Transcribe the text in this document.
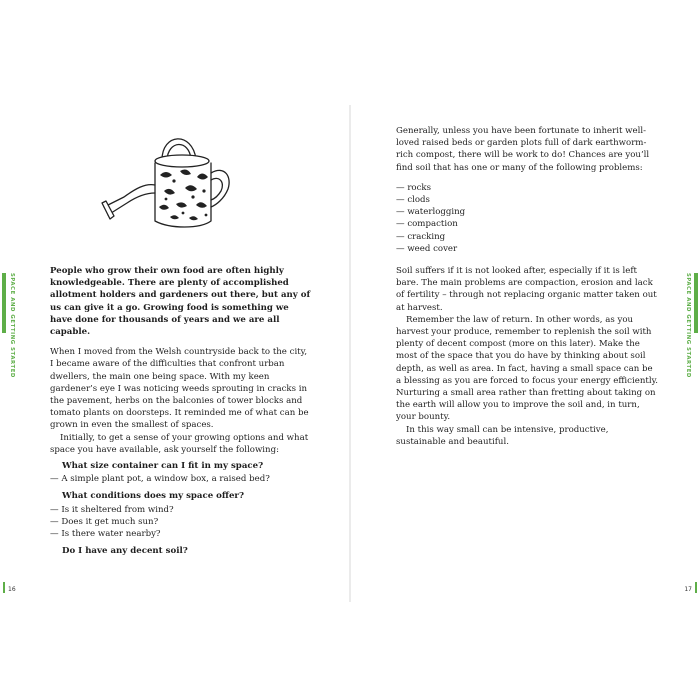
People who grow their own food are often highly knowledgeable. There are plenty of accomplished allotment holders and gardeners out there, but any of us can give it a go. Growing food is something we have done for thousands of years and we are all capable.

When I moved from the Welsh countryside back to the city, I became aware of the difficulties that confront urban dwellers, the main one being space. With my keen gardener’s eye I was noticing weeds sprouting in cracks in the pavement, herbs on the balconies of tower blocks and tomato plants on doorsteps. It reminded me of what can be grown in even the smallest of spaces.

Initially, to get a sense of your growing options and what space you have available, ask yourself the following:

What size container can I fit in my space?
— A simple plant pot, a window box, a raised bed?
What conditions does my space offer?
— Is it sheltered from wind?
— Does it get much sun?
— Is there water nearby?
Do I have any decent soil?

Generally, unless you have been fortunate to inherit well-loved raised beds or garden plots full of dark earthworm-rich compost, there will be work to do! Chances are you’ll find soil that has one or many of the following problems:

— rocks
— clods
— waterlogging
— compaction
— cracking
— weed cover

Soil suffers if it is not looked after, especially if it is left bare. The main problems are compaction, erosion and lack of fertility – through not replacing organic matter taken out at harvest.

Remember the law of return. In other words, as you harvest your produce, remember to replenish the soil with plenty of decent compost (more on this later). Make the most of the space that you do have by thinking about soil depth, as well as area. In fact, having a small space can be a blessing as you are forced to focus your energy efficiently. Nurturing a small area rather than fretting about taking on the earth will allow you to improve the soil and, in turn, your bounty.

In this way small can be intensive, productive, sustainable and beautiful.

SPACE AND GETTING STARTED	SPACE AND GETTING STARTED
16	17
